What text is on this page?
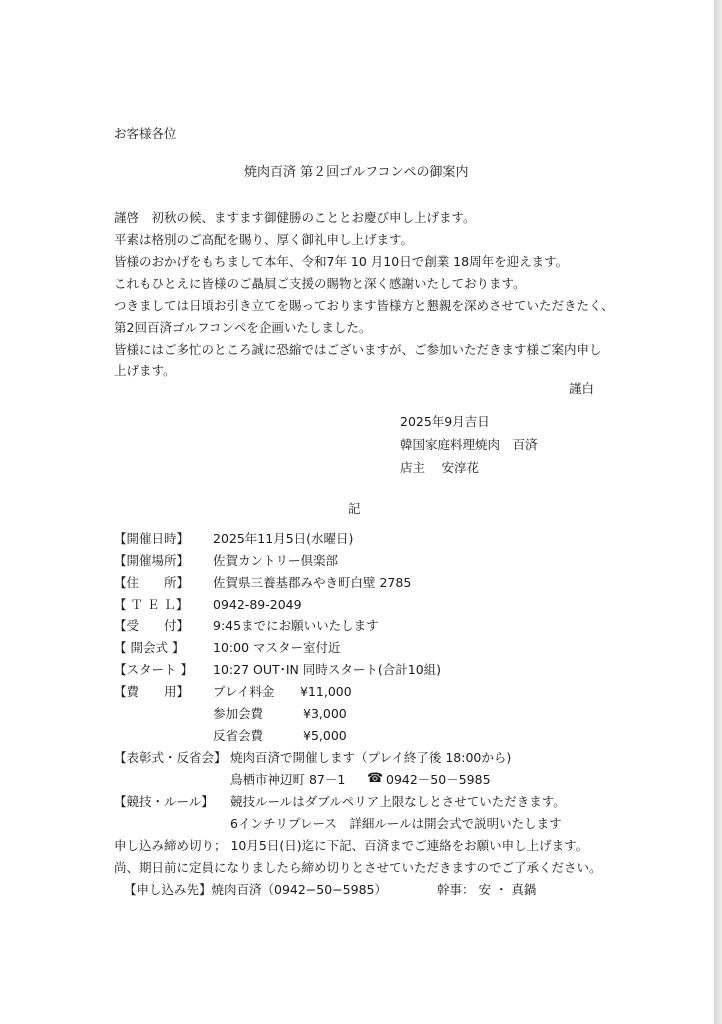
お客様各位
焼肉百済 第２回ゴルフコンペの御案内
謹啓　初秋の候、ますます御健勝のこととお慶び申し上げます。
平素は格別のご高配を賜り、厚く御礼申し上げます。
皆様のおかげをもちまして本年、令和7年 10 月10日で創業 18周年を迎えます。
これもひとえに皆様のご贔屓ご支援の賜物と深く感謝いたしております。
つきましては日頃お引き立てを賜っております皆様方と懇親を深めさせていただきたく、
第2回百済ゴルフコンペを企画いたしました。
皆様にはご多忙のところ誠に恐縮ではございますが、ご参加いただきます様ご案内申し
上げます。
謹白
2025年9月吉日
韓国家庭料理焼肉　百済
店主　 安淳花
記
【開催日時】 2025年11月5日(水曜日)
【開催場所】 佐賀カントリー倶楽部
【住　　所】 佐賀県三養基郡みやき町白壁 2785
【 Ｔ Ｅ Ｌ】 0942-89-2049
【受　　付】 9:45までにお願いいたします
【 開会式 】 10:00 マスター室付近
【スタート 】 10:27 OUT･IN 同時スタート(合計10組)
【費　　用】 プレイ料金 ¥11,000
参加会費	¥3,000
反省会費	¥5,000
【表彰式・反省会】 焼肉百済で開催します（プレイ終了後 18:00から)
鳥栖市神辺町 87－1 ☎ 0942－50－5985
【競技・ルール】 競技ルールはダブルペリア上限なしとさせていただきます。
6インチリプレース　詳細ルールは開会式で説明いたします
申し込み締め切り； 10月5日(日)迄に下記、百済までご連絡をお願い申し上げます。
尚、期日前に定員になりましたら締め切りとさせていただきますのでご了承ください。
【申し込み先】焼肉百済（0942−50−5985）	幹事： 安 ・ 真鍋
